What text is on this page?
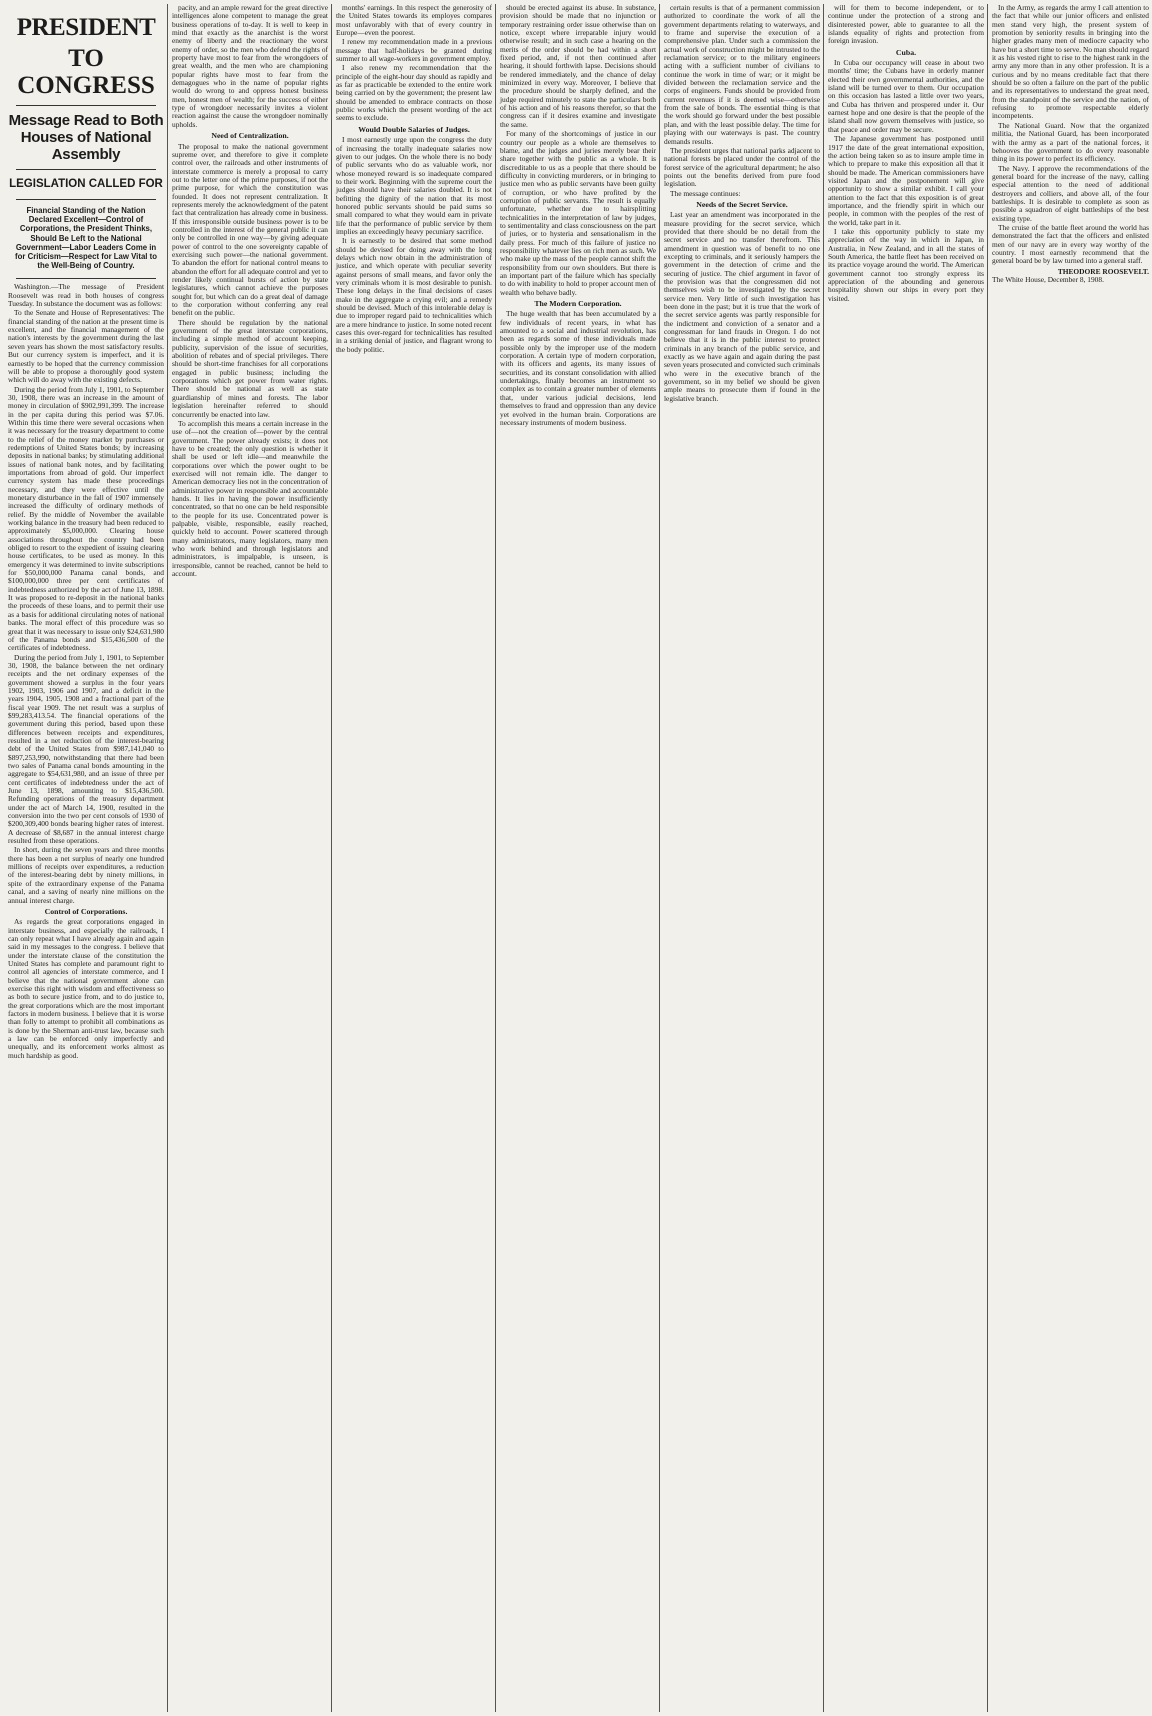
PRESIDENT
TO CONGRESS
Message Read to Both Houses of National Assembly
LEGISLATION CALLED FOR
Financial Standing of the Nation Declared Excellent—Control of Corporations, the President Thinks, Should Be Left to the National Government—Labor Leaders Come in for Criticism—Respect for Law Vital to the Well-Being of Country.

Washington.—The message of President Roosevelt was read in both houses of congress Tuesday. In substance the document was as follows:

To the Senate and House of Representatives: The financial standing of the nation at the present time is excellent, and the financial management of the nation's interests by the government during the last seven years has shown the most satisfactory results. But our currency system is imperfect, and it is earnestly to be hoped that the currency commission will be able to propose a thoroughly good system which will do away with the existing defects.

During the period from July 1, 1901, to September 30, 1908, there was an increase in the amount of money in circulation of $902,991,399. The increase in the per capita during this period was $7.06. Within this time there were several occasions when it was necessary for the treasury department to come to the relief of the money market by purchases or redemptions of United States bonds; by increasing deposits in national banks; by stimulating additional issues of national bank notes, and by facilitating importations from abroad of gold. Our imperfect currency system has made these proceedings necessary, and they were effective until the monetary disturbance in the fall of 1907 immensely increased the difficulty of ordinary methods of relief. By the middle of November the available working balance in the treasury had been reduced to approximately $5,000,000. Clearing house associations throughout the country had been obliged to resort to the expedient of issuing clearing house certificates, to be used as money. In this emergency it was determined to invite subscriptions for $50,000,000 Panama canal bonds, and $100,000,000 three per cent certificates of indebtedness authorized by the act of June 13, 1898. It was proposed to re-deposit in the national banks the proceeds of these loans, and to permit their use as a basis for additional circulating notes of national banks. The moral effect of this procedure was so great that it was necessary to issue only $24,631,980 of the Panama bonds and $15,436,500 of the certificates of indebtedness.

During the period from July 1, 1901, to September 30, 1908, the balance between the net ordinary receipts and the net ordinary expenses of the government showed a surplus in the four years 1902, 1903, 1906 and 1907, and a deficit in the years 1904, 1905, 1908 and a fractional part of the fiscal year 1909. The net result was a surplus of $99,283,413.54. The financial operations of the government during this period, based upon these differences between receipts and expenditures, resulted in a net reduction of the interest-bearing debt of the United States from $987,141,040 to $897,253,990, notwithstanding that there had been two sales of Panama canal bonds amounting in the aggregate to $54,631,980, and an issue of three per cent certificates of indebtedness under the act of June 13, 1898, amounting to $15,436,500. Refunding operations of the treasury department under the act of March 14, 1900, resulted in the conversion into the two per cent consols of 1930 of $200,309,400 bonds bearing higher rates of interest. A decrease of $8,687 in the annual interest charge resulted from these operations.

In short, during the seven years and three months there has been a net surplus of nearly one hundred millions of receipts over expenditures, a reduction of the interest-bearing debt by ninety millions, in spite of the extraordinary expense of the Panama canal, and a saving of nearly nine millions on the annual interest charge.

Control of Corporations.

As regards the great corporations engaged in interstate business, and especially the railroads, I can only repeat what I have already again and again said in my messages to the congress. I believe that under the interstate clause of the constitution the United States has complete and paramount right to control all agencies of interstate commerce, and I believe that the national government alone can exercise this right with wisdom and effectiveness so as both to secure justice from, and to do justice to, the great corporations which are the most important factors in modern business. I believe that it is worse than folly to attempt to prohibit all combinations as is done by the Sherman anti-trust law, because such a law can be enforced only imperfectly and unequally, and its enforcement works almost as much hardship as good.

pacity, and an ample reward for the great directive intelligences alone competent to manage the great business operations of to-day. It is well to keep in mind that exactly as the anarchist is the worst enemy of liberty and the reactionary the worst enemy of order, so the men who defend the rights of property have most to fear from the wrongdoers of great wealth, and the men who are championing popular rights have most to fear from the demagogues who in the name of popular rights would do wrong to and oppress honest business men, honest men of wealth; for the success of either type of wrongdoer necessarily invites a violent reaction against the cause the wrongdoer nominally upholds.

Need of Centralization.

The proposal to make the national government supreme over, and therefore to give it complete control over, the railroads and other instruments of interstate commerce is merely a proposal to carry out to the letter one of the prime purposes, if not the prime purpose, for which the constitution was founded. It does not represent centralization. It represents merely the acknowledgment of the patent fact that centralization has already come in business. If this irresponsible outside business power is to be controlled in the interest of the general public it can only be controlled in one way—by giving adequate power of control to the one sovereignty capable of exercising such power—the national government. To abandon the effort for national control means to abandon the effort for all adequate control and yet to render likely continual bursts of action by state legislatures, which cannot achieve the purposes sought for, but which can do a great deal of damage to the corporation without conferring any real benefit on the public.

There should be regulation by the national government of the great interstate corporations, including a simple method of account keeping, publicity, supervision of the issue of securities, abolition of rebates and of special privileges. There should be short-time franchises for all corporations engaged in public business; including the corporations which get power from water rights. There should be national as well as state guardianship of mines and forests. The labor legislation hereinafter referred to should concurrently be enacted into law.

To accomplish this means a certain increase in the use of—not the creation of—power by the central government. The power already exists; it does not have to be created; the only question is whether it shall be used or left idle—and meanwhile the corporations over which the power ought to be exercised will not remain idle. The danger to American democracy lies not in the concentration of administrative power in responsible and accountable hands. It lies in having the power insufficiently concentrated, so that no one can be held responsible to the people for its use. Concentrated power is palpable, visible, responsible, easily reached, quickly held to account. Power scattered through many administrators, many legislators, many men who work behind and through legislators and administrators, is impalpable, is unseen, is irresponsible, cannot be reached, cannot be held to account.

months' earnings. In this respect the generosity of the United States towards its employes compares most unfavorably with that of every country in Europe—even the poorest.

I renew my recommendation made in a previous message that half-holidays be granted during summer to all wage-workers in government employ.

I also renew my recommendation that the principle of the eight-hour day should as rapidly and as far as practicable be extended to the entire work being carried on by the government; the present law should be amended to embrace contracts on those public works which the present wording of the act seems to exclude.

Would Double Salaries of Judges.

I most earnestly urge upon the congress the duty of increasing the totally inadequate salaries now given to our judges. On the whole there is no body of public servants who do as valuable work, nor whose moneyed reward is so inadequate compared to their work. Beginning with the supreme court the judges should have their salaries doubled. It is not befitting the dignity of the nation that its most honored public servants should be paid sums so small compared to what they would earn in private life that the performance of public service by them implies an exceedingly heavy pecuniary sacrifice.

It is earnestly to be desired that some method should be devised for doing away with the long delays which now obtain in the administration of justice, and which operate with peculiar severity against persons of small means, and favor only the very criminals whom it is most desirable to punish. These long delays in the final decisions of cases make in the aggregate a crying evil; and a remedy should be devised. Much of this intolerable delay is due to improper regard paid to technicalities which are a mere hindrance to justice. In some noted recent cases this over-regard for technicalities has resulted in a striking denial of justice, and flagrant wrong to the body politic.

should be erected against its abuse. In substance, provision should be made that no injunction or temporary restraining order issue otherwise than on notice, except where irreparable injury would otherwise result; and in such case a hearing on the merits of the order should be had within a short fixed period, and, if not then continued after hearing, it should forthwith lapse. Decisions should be rendered immediately, and the chance of delay minimized in every way. Moreover, I believe that the procedure should be sharply defined, and the judge required minutely to state the particulars both of his action and of his reasons therefor, so that the congress can if it desires examine and investigate the same.

For many of the shortcomings of justice in our country our people as a whole are themselves to blame, and the judges and juries merely bear their share together with the public as a whole. It is discreditable to us as a people that there should be difficulty in convicting murderers, or in bringing to justice men who as public servants have been guilty of corruption, or who have profited by the corruption of public servants. The result is equally unfortunate, whether due to hairsplitting technicalities in the interpretation of law by judges, to sentimentality and class consciousness on the part of juries, or to hysteria and sensationalism in the daily press. For much of this failure of justice no responsibility whatever lies on rich men as such. We who make up the mass of the people cannot shift the responsibility from our own shoulders. But there is an important part of the failure which has specially to do with inability to hold to proper account men of wealth who behave badly.

The Modern Corporation.

The huge wealth that has been accumulated by a few individuals of recent years, in what has amounted to a social and industrial revolution, has been as regards some of these individuals made possible only by the improper use of the modern corporation. A certain type of modern corporation, with its officers and agents, its many issues of securities, and its constant consolidation with allied undertakings, finally becomes an instrument so complex as to contain a greater number of elements that, under various judicial decisions, lend themselves to fraud and oppression than any device yet evolved in the human brain. Corporations are necessary instruments of modern business.

certain results is that of a permanent commission authorized to coordinate the work of all the government departments relating to waterways, and to frame and supervise the execution of a comprehensive plan. Under such a commission the actual work of construction might be intrusted to the reclamation service; or to the military engineers acting with a sufficient number of civilians to continue the work in time of war; or it might be divided between the reclamation service and the corps of engineers. Funds should be provided from current revenues if it is deemed wise—otherwise from the sale of bonds. The essential thing is that the work should go forward under the best possible plan, and with the least possible delay. The time for playing with our waterways is past. The country demands results.

The president urges that national parks adjacent to national forests be placed under the control of the forest service of the agricultural department; he also points out the benefits derived from pure food legislation.

The message continues:

Needs of the Secret Service.

Last year an amendment was incorporated in the measure providing for the secret service, which provided that there should be no detail from the secret service and no transfer therefrom. This amendment in question was of benefit to no one excepting to criminals, and it seriously hampers the government in the detection of crime and the securing of justice. The chief argument in favor of the provision was that the congressmen did not themselves wish to be investigated by the secret service men. Very little of such investigation has been done in the past; but it is true that the work of the secret service agents was partly responsible for the indictment and conviction of a senator and a congressman for land frauds in Oregon. I do not believe that it is in the public interest to protect criminals in any branch of the public service, and exactly as we have again and again during the past seven years prosecuted and convicted such criminals who were in the executive branch of the government, so in my belief we should be given ample means to prosecute them if found in the legislative branch.

will for them to become independent, or to continue under the protection of a strong and disinterested power, able to guarantee to all the islands equality of rights and protection from foreign invasion.

Cuba.

In Cuba our occupancy will cease in about two months' time; the Cubans have in orderly manner elected their own governmental authorities, and the island will be turned over to them. Our occupation on this occasion has lasted a little over two years, and Cuba has thriven and prospered under it. Our earnest hope and one desire is that the people of the island shall now govern themselves with justice, so that peace and order may be secure.

The Japanese government has postponed until 1917 the date of the great international exposition, the action being taken so as to insure ample time in which to prepare to make this exposition all that it should be made. The American commissioners have visited Japan and the postponement will give opportunity to show a similar exhibit. I call your attention to the fact that this exposition is of great importance, and the friendly spirit in which our people, in common with the peoples of the rest of the world, take part in it.

I take this opportunity publicly to state my appreciation of the way in which in Japan, in Australia, in New Zealand, and in all the states of South America, the battle fleet has been received on its practice voyage around the world. The American government cannot too strongly express its appreciation of the abounding and generous hospitality shown our ships in every port they visited.

In the Army, as regards the army I call attention to the fact that while our junior officers and enlisted men stand very high, the present system of promotion by seniority results in bringing into the higher grades many men of mediocre capacity who have but a short time to serve. No man should regard it as his vested right to rise to the highest rank in the army any more than in any other profession. It is a curious and by no means creditable fact that there should be so often a failure on the part of the public and its representatives to understand the great need, from the standpoint of the service and the nation, of refusing to promote respectable elderly incompetents.

The National Guard. Now that the organized militia, the National Guard, has been incorporated with the army as a part of the national forces, it behooves the government to do every reasonable thing in its power to perfect its efficiency.

The Navy. I approve the recommendations of the general board for the increase of the navy, calling especial attention to the need of additional destroyers and colliers, and above all, of the four battleships. It is desirable to complete as soon as possible a squadron of eight battleships of the best existing type.

The cruise of the battle fleet around the world has demonstrated the fact that the officers and enlisted men of our navy are in every way worthy of the country. I most earnestly recommend that the general board be by law turned into a general staff.

THEODORE ROOSEVELT.
The White House, December 8, 1908.
